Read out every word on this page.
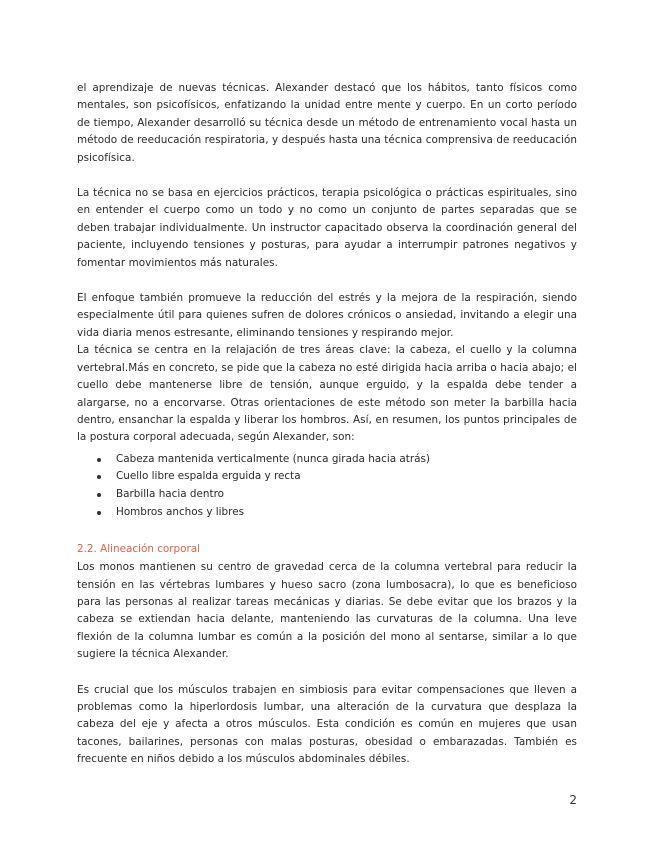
el aprendizaje de nuevas técnicas. Alexander destacó que los hábitos, tanto físicos como mentales, son psicofísicos, enfatizando la unidad entre mente y cuerpo. En un corto período de tiempo, Alexander desarrolló su técnica desde un método de entrenamiento vocal hasta un método de reeducación respiratoria, y después hasta una técnica comprensiva de reeducación psicofísica.

La técnica no se basa en ejercicios prácticos, terapia psicológica o prácticas espirituales, sino en entender el cuerpo como un todo y no como un conjunto de partes separadas que se deben trabajar individualmente. Un instructor capacitado observa la coordinación general del paciente, incluyendo tensiones y posturas, para ayudar a interrumpir patrones negativos y fomentar movimientos más naturales.

El enfoque también promueve la reducción del estrés y la mejora de la respiración, siendo especialmente útil para quienes sufren de dolores crónicos o ansiedad, invitando a elegir una vida diaria menos estresante, eliminando tensiones y respirando mejor.

La técnica se centra en la relajación de tres áreas clave: la cabeza, el cuello y la columna vertebral.Más en concreto, se pide que la cabeza no esté dirigida hacia arriba o hacia abajo; el cuello debe mantenerse libre de tensión, aunque erguido, y la espalda debe tender a alargarse, no a encorvarse. Otras orientaciones de este método son meter la barbilla hacia dentro, ensanchar la espalda y liberar los hombros. Así, en resumen, los puntos principales de la postura corporal adecuada, según Alexander, son:

Cabeza mantenida verticalmente (nunca girada hacia atrás)
Cuello libre espalda erguida y recta
Barbilla hacia dentro
Hombros anchos y libres
2.2. Alineación corporal

Los monos mantienen su centro de gravedad cerca de la columna vertebral para reducir la tensión en las vértebras lumbares y hueso sacro (zona lumbosacra), lo que es beneficioso para las personas al realizar tareas mecánicas y diarias. Se debe evitar que los brazos y la cabeza se extiendan hacia delante, manteniendo las curvaturas de la columna. Una leve flexión de la columna lumbar es común a la posición del mono al sentarse, similar a lo que sugiere la técnica Alexander.

Es crucial que los músculos trabajen en simbiosis para evitar compensaciones que lleven a problemas como la hiperlordosis lumbar, una alteración de la curvatura que desplaza la cabeza del eje y afecta a otros músculos. Esta condición es común en mujeres que usan tacones, bailarines, personas con malas posturas, obesidad o embarazadas. También es frecuente en niños debido a los músculos abdominales débiles.

2
